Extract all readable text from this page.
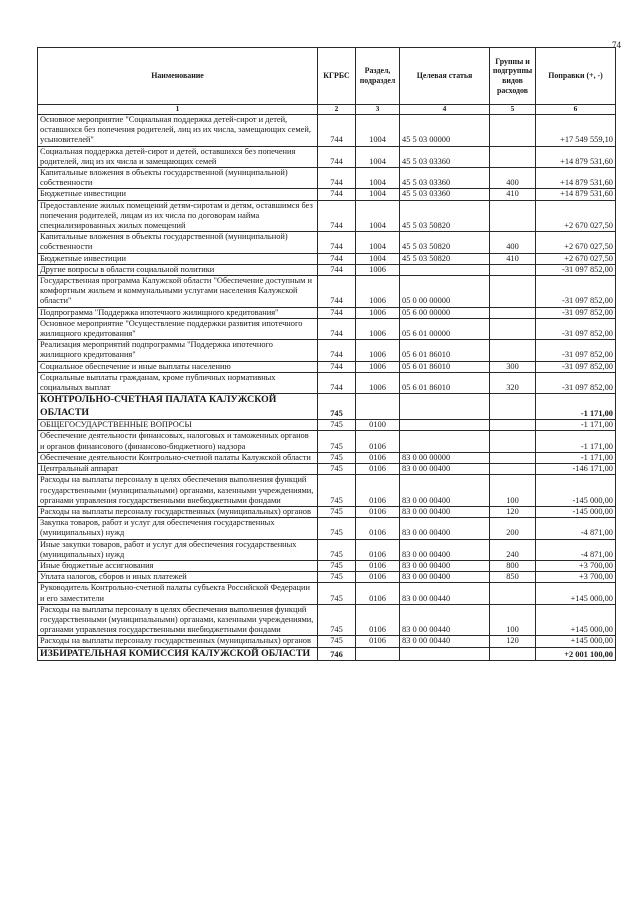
74
Наименование	КГРБС	Раздел, подраздел	Целевая статья	Группы и подгруппы видов расходов	Поправки (+, -)
1	2	3	4	5	6
Основное мероприятие "Социальная поддержка детей-сирот и детей, оставшихся без попечения родителей, лиц из их числа, замещающих семей, усыновителей"	744	1004	45 5 03 00000		+17 549 559,10
Социальная поддержка детей-сирот и детей, оставшихся без попечения родителей, лиц из их числа и замещающих семей	744	1004	45 5 03 03360		+14 879 531,60
Капитальные вложения в объекты государственной (муниципальной) собственности	744	1004	45 5 03 03360	400	+14 879 531,60
Бюджетные инвестиции	744	1004	45 5 03 03360	410	+14 879 531,60
Предоставление жилых помещений детям-сиротам и детям, оставшимся без попечения родителей, лицам из их числа по договорам найма специализированных жилых помещений	744	1004	45 5 03 50820		+2 670 027,50
Капитальные вложения в объекты государственной (муниципальной) собственности	744	1004	45 5 03 50820	400	+2 670 027,50
Бюджетные инвестиции	744	1004	45 5 03 50820	410	+2 670 027,50
Другие вопросы в области социальной политики	744	1006			-31 097 852,00
Государственная программа Калужской области "Обеспечение доступным и комфортным жильем и коммунальными услугами населения Калужской области"	744	1006	05 0 00 00000		-31 097 852,00
Подпрограмма "Поддержка ипотечного жилищного кредитования"	744	1006	05 6 00 00000		-31 097 852,00
Основное мероприятие "Осуществление поддержки развития ипотечного жилищного кредитования"	744	1006	05 6 01 00000		-31 097 852,00
Реализация мероприятий подпрограммы "Поддержка ипотечного жилищного кредитования"	744	1006	05 6 01 86010		-31 097 852,00
Социальное обеспечение и иные выплаты населению	744	1006	05 6 01 86010	300	-31 097 852,00
Социальные выплаты гражданам, кроме публичных нормативных социальных выплат	744	1006	05 6 01 86010	320	-31 097 852,00
КОНТРОЛЬНО-СЧЕТНАЯ ПАЛАТА КАЛУЖСКОЙ ОБЛАСТИ	745				-1 171,00
ОБЩЕГОСУДАРСТВЕННЫЕ ВОПРОСЫ	745	0100			-1 171,00
Обеспечение деятельности финансовых, налоговых и таможенных органов и органов финансового (финансово-бюджетного) надзора	745	0106			-1 171,00
Обеспечение деятельности Контрольно-счетной палаты Калужской области	745	0106	83 0 00 00000		-1 171,00
Центральный аппарат	745	0106	83 0 00 00400		-146 171,00
Расходы на выплаты персоналу в целях обеспечения выполнения функций государственными (муниципальными) органами, казенными учреждениями, органами управления государственными внебюджетными фондами	745	0106	83 0 00 00400	100	-145 000,00
Расходы на выплаты персоналу государственных (муниципальных) органов	745	0106	83 0 00 00400	120	-145 000,00
Закупка товаров, работ и услуг для обеспечения государственных (муниципальных) нужд	745	0106	83 0 00 00400	200	-4 871,00
Иные закупки товаров, работ и услуг для обеспечения государственных (муниципальных) нужд	745	0106	83 0 00 00400	240	-4 871,00
Иные бюджетные ассигнования	745	0106	83 0 00 00400	800	+3 700,00
Уплата налогов, сборов и иных платежей	745	0106	83 0 00 00400	850	+3 700,00
Руководитель Контрольно-счетной палаты субъекта Российской Федерации и его заместители	745	0106	83 0 00 00440		+145 000,00
Расходы на выплаты персоналу в целях обеспечения выполнения функций государственными (муниципальными) органами, казенными учреждениями, органами управления государственными внебюджетными фондами	745	0106	83 0 00 00440	100	+145 000,00
Расходы на выплаты персоналу государственных (муниципальных) органов	745	0106	83 0 00 00440	120	+145 000,00
ИЗБИРАТЕЛЬНАЯ КОМИССИЯ КАЛУЖСКОЙ ОБЛАСТИ	746				+2 001 100,00
